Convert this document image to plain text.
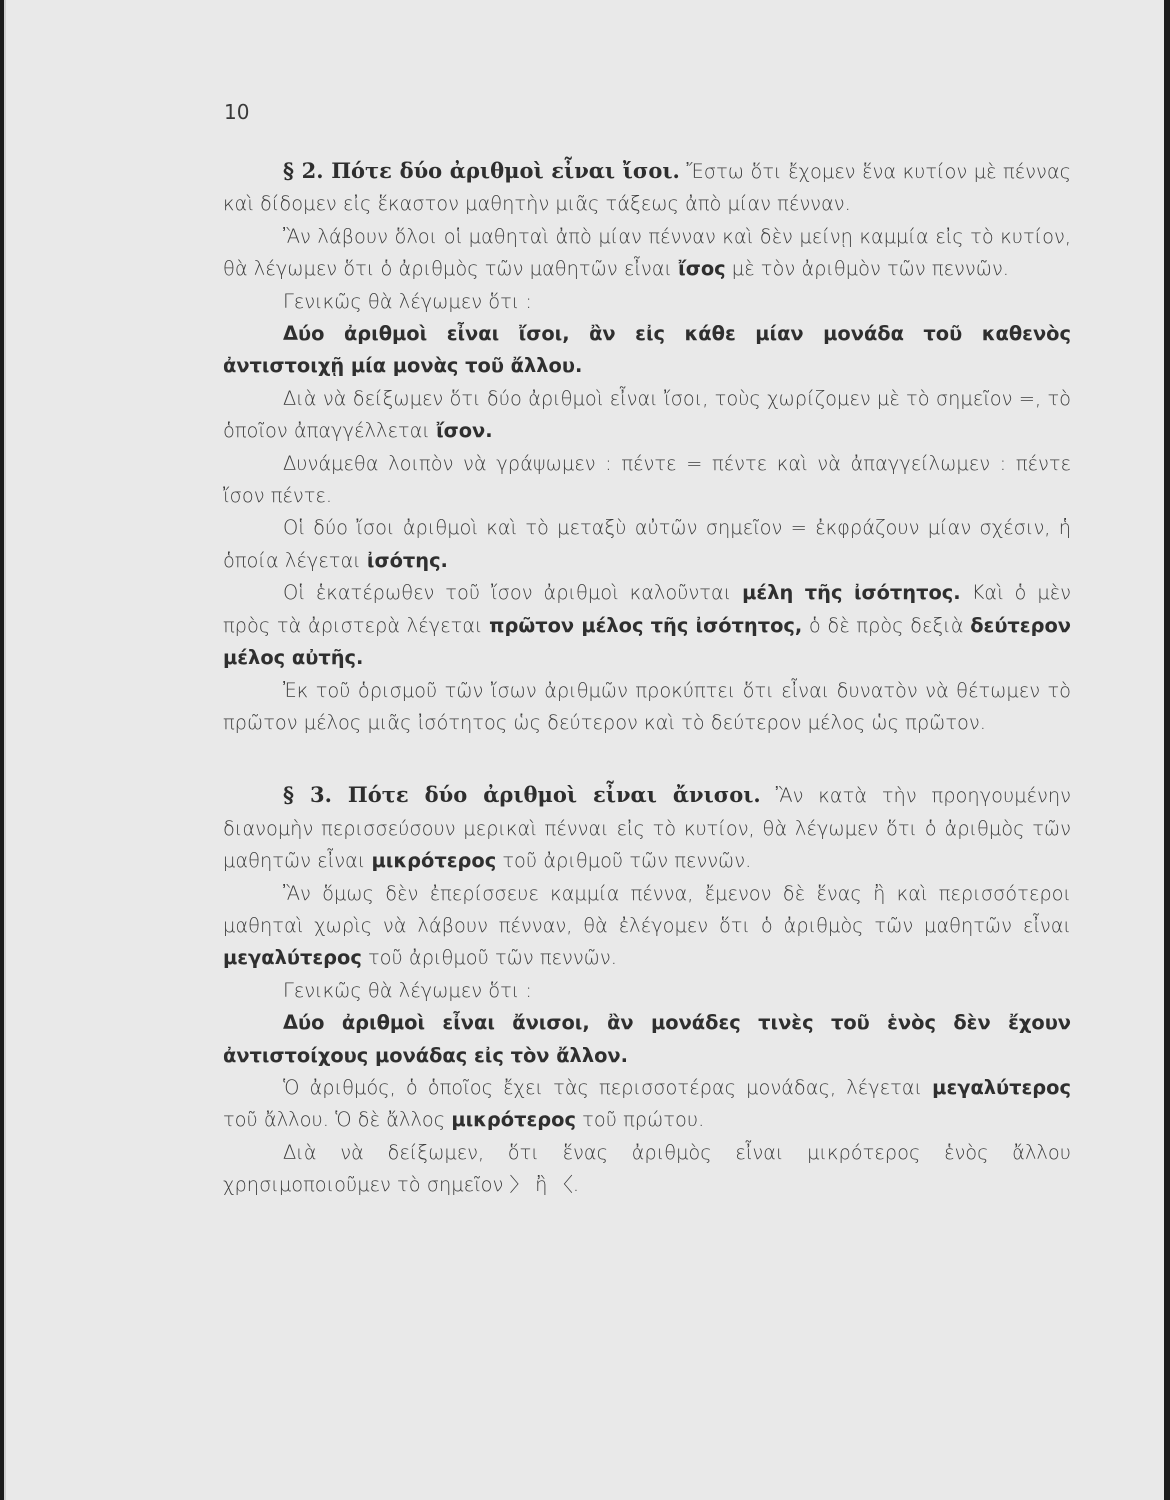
10

§ 2. Πότε δύο ἀριθμοὶ εἶναι ἴσοι. Ἔστω ὅτι ἔχομεν ἕνα κυτίον μὲ πέννας καὶ δίδομεν εἰς ἕκαστον μαθητὴν μιᾶς τάξεως ἀπὸ μίαν πένναν.

Ἂν λάβουν ὅλοι οἱ μαθηταὶ ἀπὸ μίαν πένναν καὶ δὲν μείνῃ καμμία εἰς τὸ κυτίον, θὰ λέγωμεν ὅτι ὁ ἀριθμὸς τῶν μαθητῶν εἶναι ἴσος μὲ τὸν ἀριθμὸν τῶν πεννῶν.

Γενικῶς θὰ λέγωμεν ὅτι :

Δύο ἀριθμοὶ εἶναι ἴσοι, ἂν εἰς κάθε μίαν μονάδα τοῦ καθενὸς ἀντιστοιχῇ μία μονὰς τοῦ ἄλλου.

Διὰ νὰ δείξωμεν ὅτι δύο ἀριθμοὶ εἶναι ἴσοι, τοὺς χωρίζομεν μὲ τὸ σημεῖον =, τὸ ὁποῖον ἀπαγγέλλεται ἴσον.

Δυνάμεθα λοιπὸν νὰ γράψωμεν : πέντε = πέντε καὶ νὰ ἀπαγγείλωμεν : πέντε ἴσον πέντε.

Οἱ δύο ἴσοι ἀριθμοὶ καὶ τὸ μεταξὺ αὐτῶν σημεῖον = ἐκφράζουν μίαν σχέσιν, ἡ ὁποία λέγεται ἰσότης.

Οἱ ἑκατέρωθεν τοῦ ἴσον ἀριθμοὶ καλοῦνται μέλη τῆς ἰσότητος. Καὶ ὁ μὲν πρὸς τὰ ἀριστερὰ λέγεται πρῶτον μέλος τῆς ἰσότητος, ὁ δὲ πρὸς δεξιὰ δεύτερον μέλος αὐτῆς.

Ἐκ τοῦ ὁρισμοῦ τῶν ἴσων ἀριθμῶν προκύπτει ὅτι εἶναι δυνατὸν νὰ θέτωμεν τὸ πρῶτον μέλος μιᾶς ἰσότητος ὡς δεύτερον καὶ τὸ δεύτερον μέλος ὡς πρῶτον.

§ 3. Πότε δύο ἀριθμοὶ εἶναι ἄνισοι. Ἂν κατὰ τὴν προηγουμένην διανομὴν περισσεύσουν μερικαὶ πένναι εἰς τὸ κυτίον, θὰ λέγωμεν ὅτι ὁ ἀριθμὸς τῶν μαθητῶν εἶναι μικρότερος τοῦ ἀριθμοῦ τῶν πεννῶν.

Ἂν ὅμως δὲν ἐπερίσσευε καμμία πέννα, ἔμενον δὲ ἕνας ἢ καὶ περισσότεροι μαθηταὶ χωρὶς νὰ λάβουν πένναν, θὰ ἐλέγομεν ὅτι ὁ ἀριθμὸς τῶν μαθητῶν εἶναι μεγαλύτερος τοῦ ἀριθμοῦ τῶν πεννῶν.

Γενικῶς θὰ λέγωμεν ὅτι :

Δύο ἀριθμοὶ εἶναι ἄνισοι, ἂν μονάδες τινὲς τοῦ ἑνὸς δὲν ἔχουν ἀντιστοίχους μονάδας εἰς τὸν ἄλλον.

Ὁ ἀριθμός, ὁ ὁποῖος ἔχει τὰς περισσοτέρας μονάδας, λέγεται μεγαλύτερος τοῦ ἄλλου. Ὁ δὲ ἄλλος μικρότερος τοῦ πρώτου.

Διὰ νὰ δείξωμεν, ὅτι ἕνας ἀριθμὸς εἶναι μικρότερος ἑνὸς ἄλλου χρησιμοποιοῦμεν τὸ σημεῖον 〉 ἢ 〈.
